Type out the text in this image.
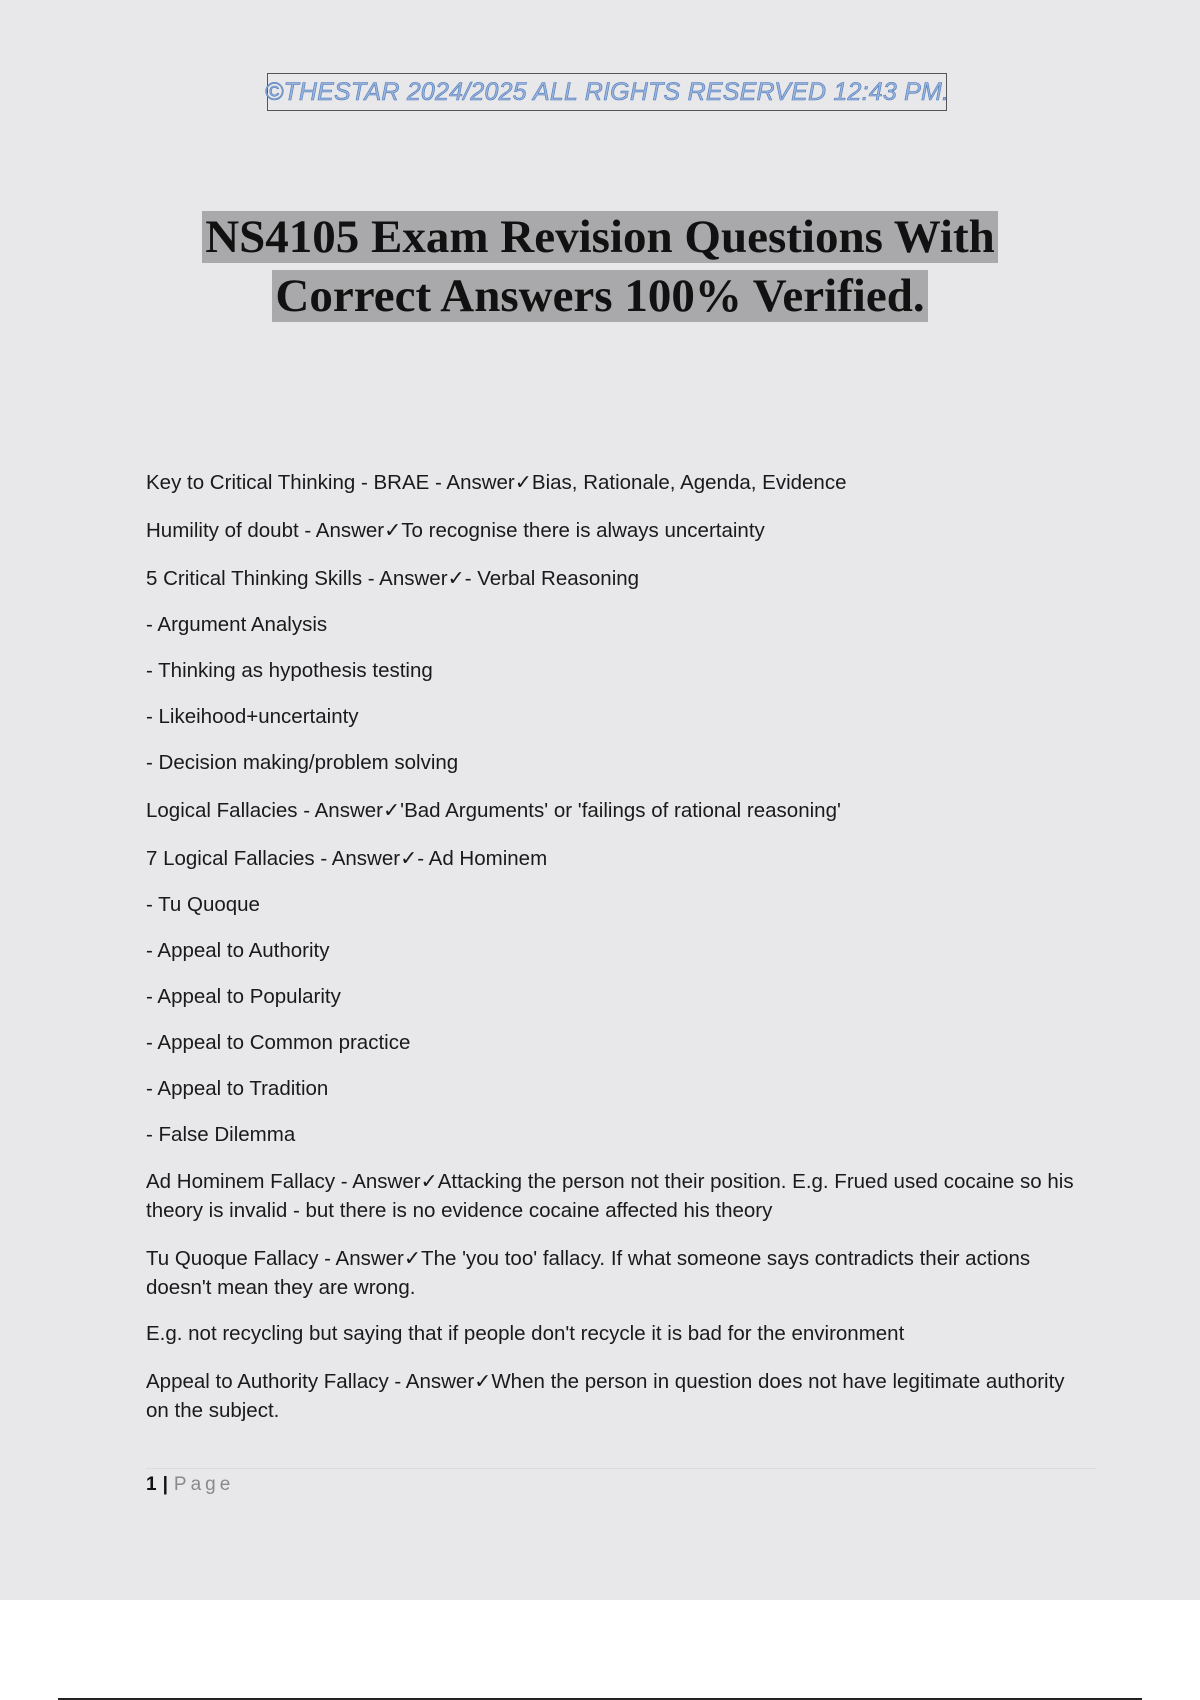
©THESTAR 2024/2025 ALL RIGHTS RESERVED 12:43 PM.
NS4105 Exam Revision Questions With
Correct Answers 100% Verified.

Key to Critical Thinking - BRAE - Answer✓Bias, Rationale, Agenda, Evidence

Humility of doubt - Answer✓To recognise there is always uncertainty

5 Critical Thinking Skills - Answer✓- Verbal Reasoning

- Argument Analysis

- Thinking as hypothesis testing

- Likeihood+uncertainty

- Decision making/problem solving

Logical Fallacies - Answer✓'Bad Arguments' or 'failings of rational reasoning'

7 Logical Fallacies - Answer✓- Ad Hominem

- Tu Quoque

- Appeal to Authority

- Appeal to Popularity

- Appeal to Common practice

- Appeal to Tradition

- False Dilemma

Ad Hominem Fallacy - Answer✓Attacking the person not their position. E.g. Frued used cocaine so his theory is invalid - but there is no evidence cocaine affected his theory

Tu Quoque Fallacy - Answer✓The 'you too' fallacy. If what someone says contradicts their actions doesn't mean they are wrong.

E.g. not recycling but saying that if people don't recycle it is bad for the environment

Appeal to Authority Fallacy - Answer✓When the person in question does not have legitimate authority on the subject.

1 | Page
